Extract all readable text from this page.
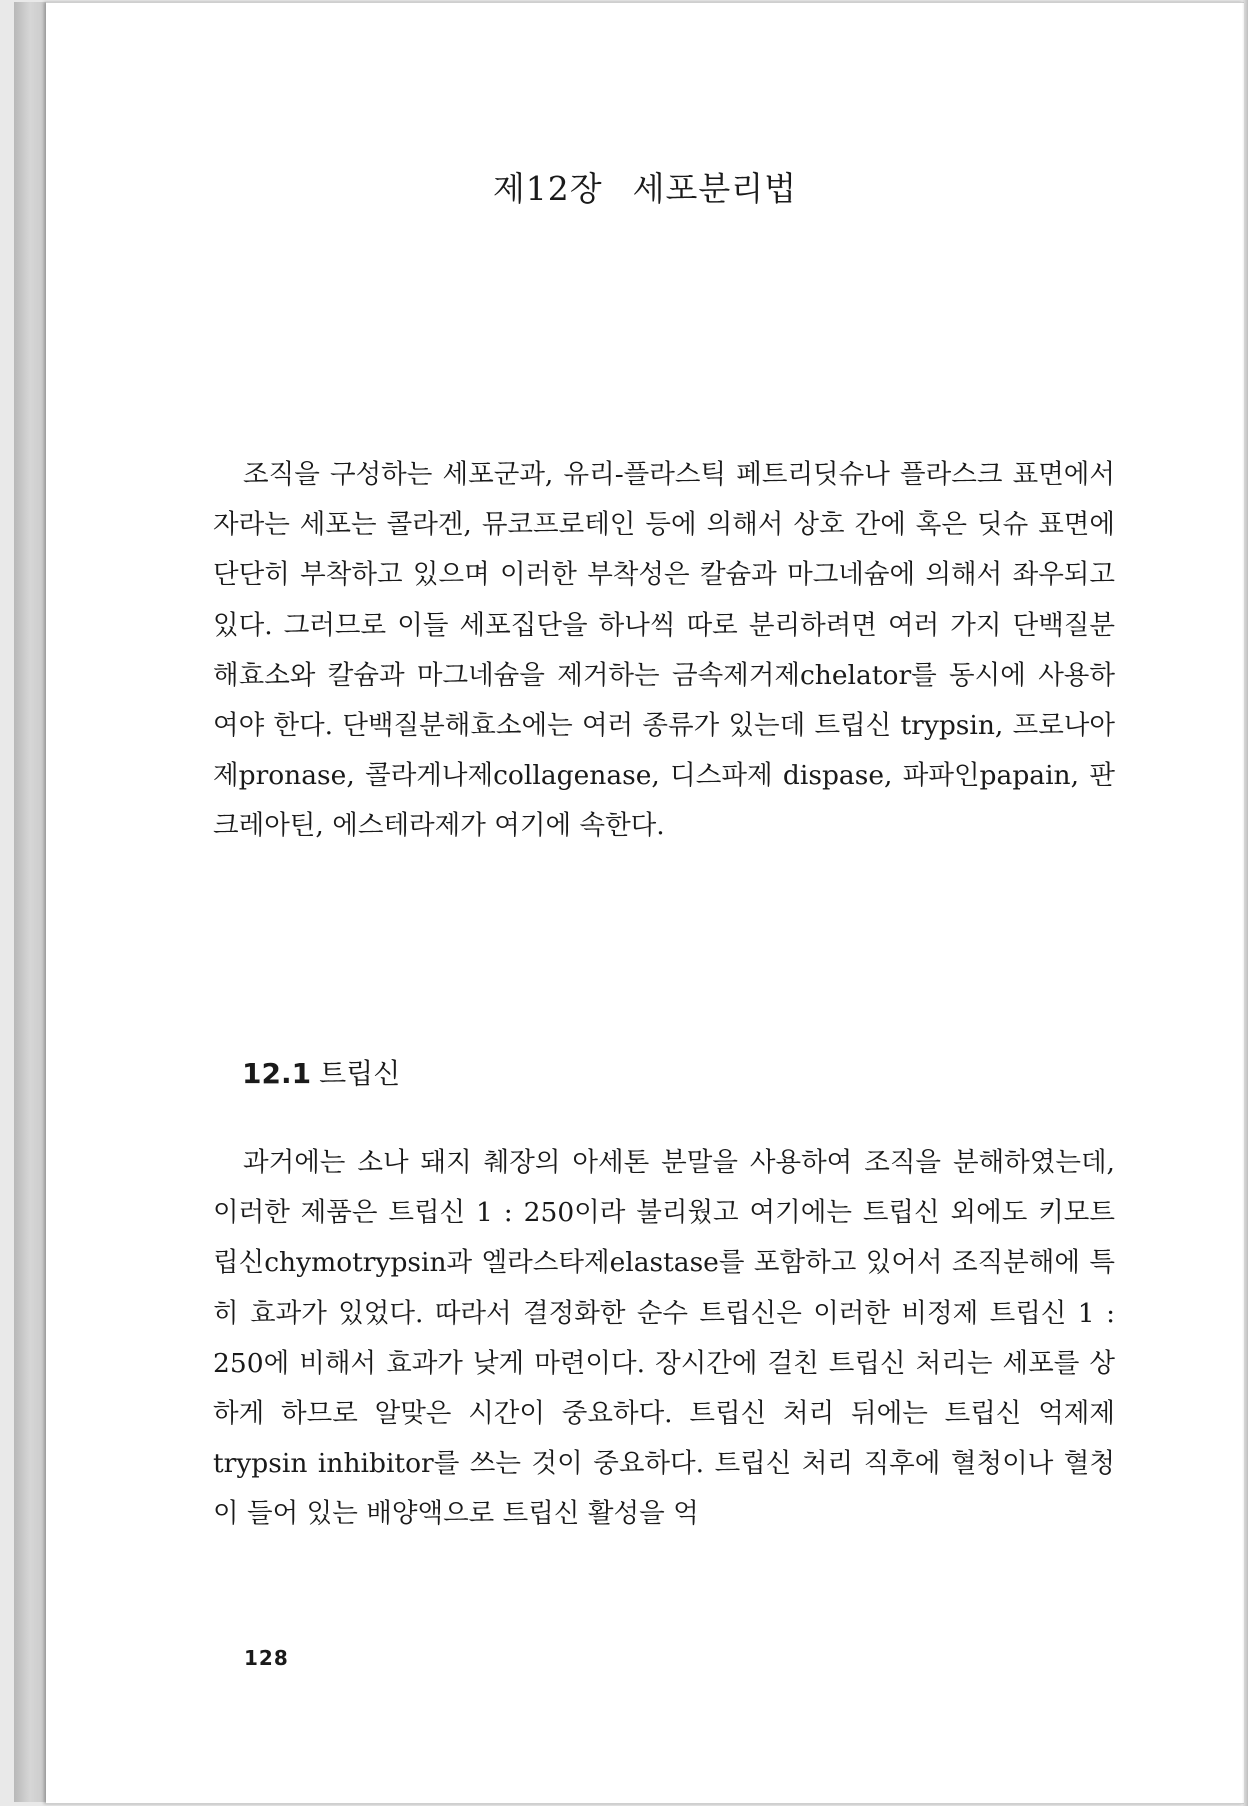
제12장 세포분리법

조직을 구성하는 세포군과, 유리-플라스틱 페트리딧슈나 플라스크 표면에서 자라는 세포는 콜라겐, 뮤코프로테인 등에 의해서 상호 간에 혹은 딧슈 표면에 단단히 부착하고 있으며 이러한 부착성은 칼슘과 마그네슘에 의해서 좌우되고 있다. 그러므로 이들 세포집단을 하나씩 따로 분리하려면 여러 가지 단백질분해효소와 칼슘과 마그네슘을 제거하는 금속제거제chelator를 동시에 사용하여야 한다. 단백질분해효소에는 여러 종류가 있는데 트립신 trypsin, 프로나아제pronase, 콜라게나제collagenase, 디스파제 dispase, 파파인papain, 판크레아틴, 에스테라제가 여기에 속한다.

12.1 트립신

과거에는 소나 돼지 췌장의 아세톤 분말을 사용하여 조직을 분해하였는데, 이러한 제품은 트립신 1 : 250이라 불리웠고 여기에는 트립신 외에도 키모트립신chymotrypsin과 엘라스타제elastase를 포함하고 있어서 조직분해에 특히 효과가 있었다. 따라서 결정화한 순수 트립신은 이러한 비정제 트립신 1 : 250에 비해서 효과가 낮게 마련이다. 장시간에 걸친 트립신 처리는 세포를 상하게 하므로 알맞은 시간이 중요하다. 트립신 처리 뒤에는 트립신 억제제trypsin inhibitor를 쓰는 것이 중요하다. 트립신 처리 직후에 혈청이나 혈청이 들어 있는 배양액으로 트립신 활성을 억

128
